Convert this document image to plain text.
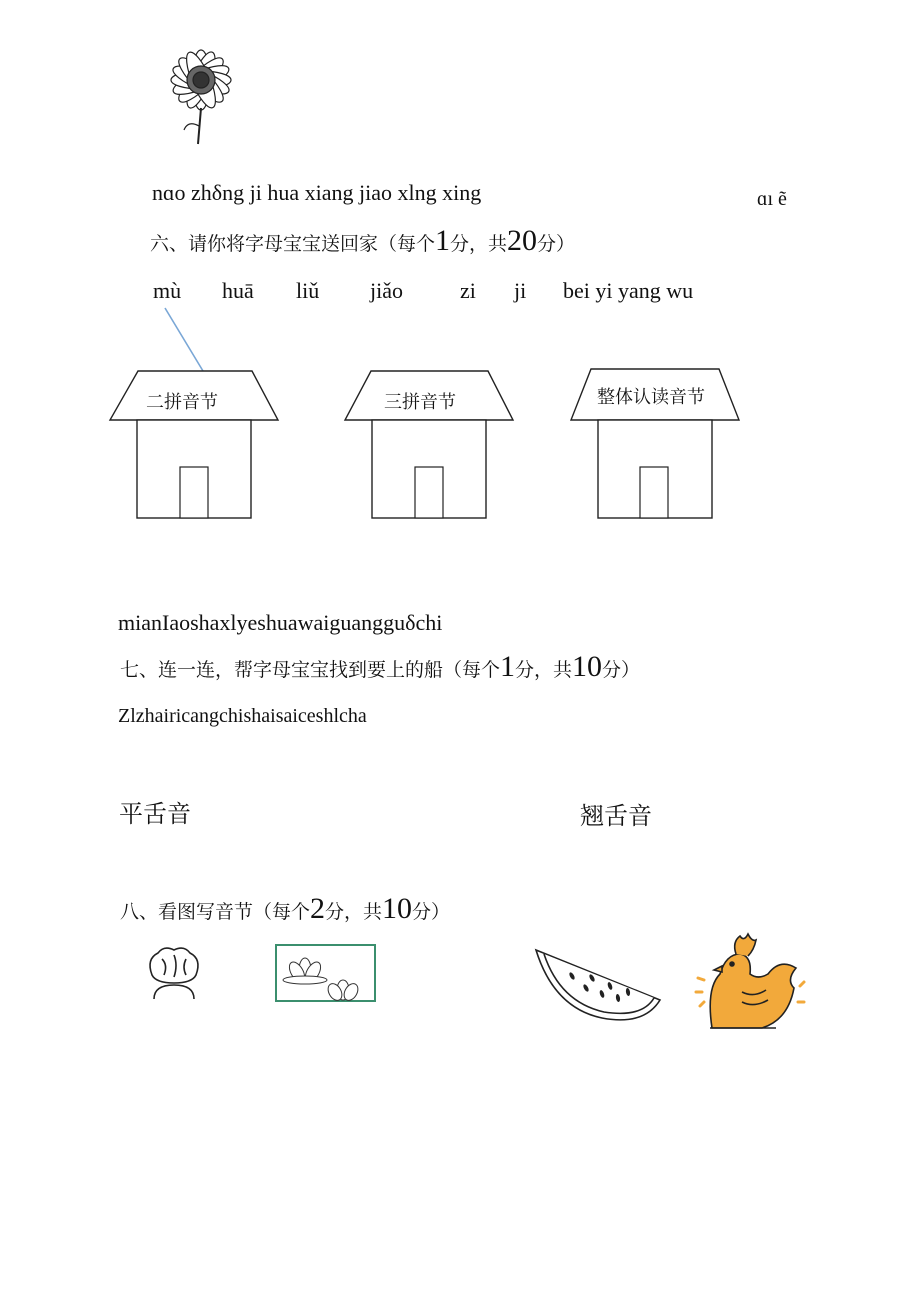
nɑo zhδng ji hua xiang jiao xlng xing	ɑı ẽ
六、请你将字母宝宝送回家（每个1分，共20分）
mù huā liǔ jiǎo	zi ji bei yi yang wu
二拼音节	三拼音节	整体认读音节
mianIaoshaxlyeshuawaiguangguδchi
七、连一连，帮字母宝宝找到要上的船（每个1分，共10分）
Zlzhairicangchishaisaiceshlcha
平舌音	翘舌音
八、看图写音节（每个2分，共10分）
